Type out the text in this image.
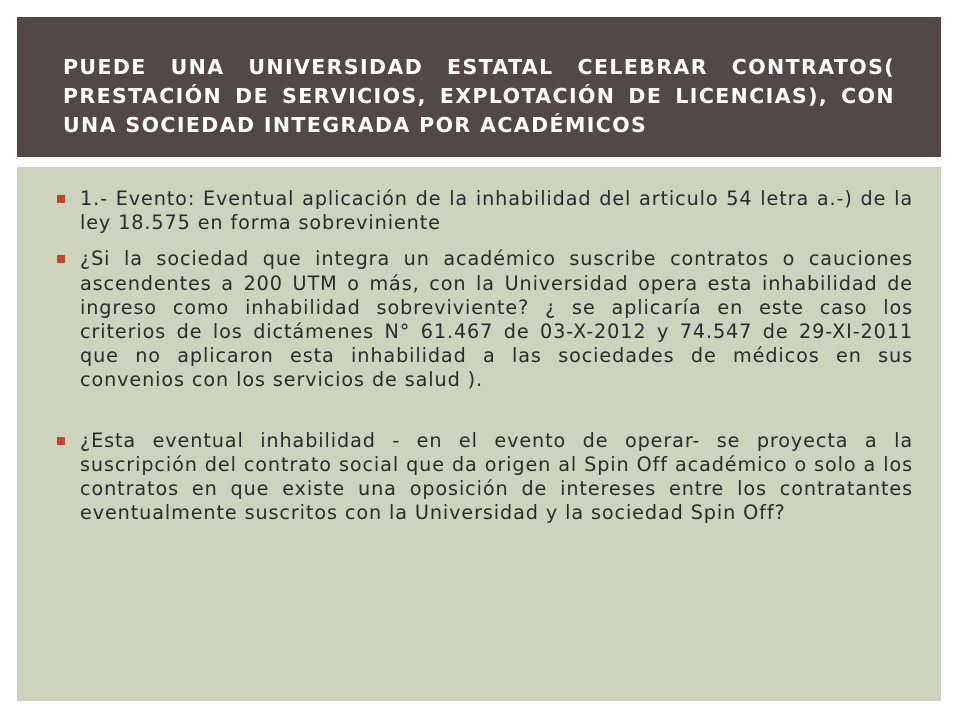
PUEDE UNA UNIVERSIDAD ESTATAL CELEBRAR CONTRATOS( PRESTACIÓN DE SERVICIOS, EXPLOTACIÓN DE LICENCIAS), CON UNA SOCIEDAD INTEGRADA POR ACADÉMICOS
1.- Evento: Eventual aplicación de la inhabilidad del articulo 54 letra a.-) de la ley 18.575 en forma sobreviniente
¿Si la sociedad que integra un académico suscribe contratos o cauciones ascendentes a 200 UTM o más, con la Universidad opera esta inhabilidad de ingreso como inhabilidad sobreviviente? ¿ se aplicaría en este caso los criterios de los dictámenes N° 61.467 de 03-X-2012 y 74.547 de 29-XI-2011 que no aplicaron esta inhabilidad a las sociedades de médicos en sus convenios con los servicios de salud ).
¿Esta eventual inhabilidad - en el evento de operar- se proyecta a la suscripción del contrato social que da origen al Spin Off académico o solo a los contratos en que existe una oposición de intereses entre los contratantes eventualmente suscritos con la Universidad y la sociedad Spin Off?
